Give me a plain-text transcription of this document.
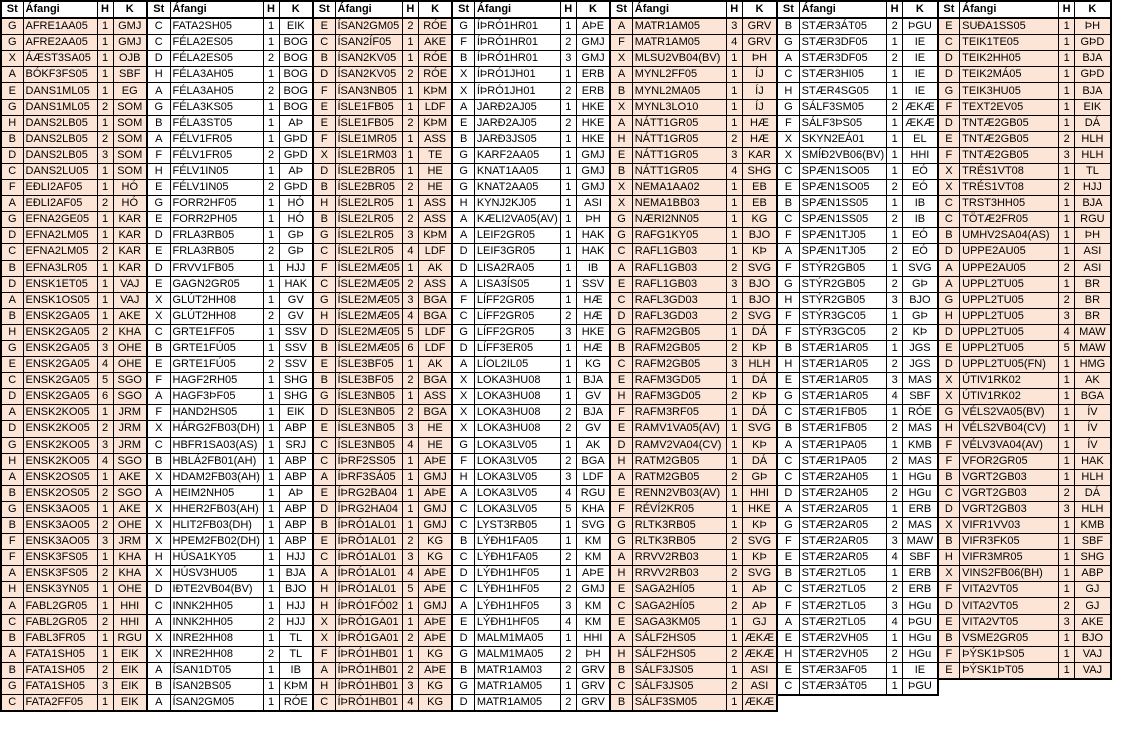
St	Áfangi	H	K
G	AFRE1AA05	1	GMJ
G	AFRE2AA05	1	GMJ
X	ÁÆST3SA05	1	OJB
A	BÓKF3FS05	1	SBF
E	DANS1ML05	1	EG
G	DANS1ML05	2	SOM
H	DANS2LB05	1	SOM
B	DANS2LB05	2	SOM
D	DANS2LB05	3	SOM
C	DANS2LU05	1	SOM
F	EÐLI2AF05	1	HÓ
A	EÐLI2AF05	2	HÓ
G	EFNA2GE05	1	KAR
D	EFNA2LM05	1	KAR
C	EFNA2LM05	2	KAR
B	EFNA3LR05	1	KAR
D	ENSK1ET05	1	VAJ
A	ENSK1OS05	1	VAJ
B	ENSK2GA05	1	AKE
H	ENSK2GA05	2	KHA
G	ENSK2GA05	3	OHE
E	ENSK2GA05	4	OHE
C	ENSK2GA05	5	SGO
D	ENSK2GA05	6	SGO
A	ENSK2KO05	1	JRM
D	ENSK2KO05	2	JRM
G	ENSK2KO05	3	JRM
H	ENSK2KO05	4	SGO
A	ENSK2OS05	1	AKE
B	ENSK2OS05	2	SGO
G	ENSK3AO05	1	AKE
B	ENSK3AO05	2	OHE
F	ENSK3AO05	3	JRM
F	ENSK3FS05	1	KHA
A	ENSK3FS05	2	KHA
H	ENSK3YN05	1	OHE
A	FABL2GR05	1	HHI
C	FABL2GR05	2	HHI
B	FABL3FR05	1	RGU
A	FATA1SH05	1	EIK
B	FATA1SH05	2	EIK
G	FATA1SH05	3	EIK
C	FATA2FF05	1	EIK
St	Áfangi	H	K
C	FATA2SH05	1	EIK
C	FÉLA2ES05	1	BOG
D	FÉLA2ES05	2	BOG
H	FÉLA3AH05	1	BOG
A	FÉLA3AH05	2	BOG
G	FÉLA3KS05	1	BOG
B	FÉLA3ST05	1	AÞ
A	FÉLV1FR05	1	GÞD
F	FÉLV1FR05	2	GÞD
H	FÉLV1IN05	1	AÞ
E	FÉLV1IN05	2	GÞD
G	FORR2HF05	1	HÓ
E	FORR2PH05	1	HÓ
D	FRLA3RB05	1	GÞ
E	FRLA3RB05	2	GÞ
D	FRVV1FB05	1	HJJ
E	GAGN2GR05	1	HAK
X	GLÚT2HH08	1	GV
X	GLÚT2HH08	2	GV
C	GRTE1FF05	1	SSV
B	GRTE1FÚ05	1	SSV
E	GRTE1FÚ05	2	SSV
F	HAGF2RH05	1	SHG
A	HAGF3ÞF05	1	SHG
F	HAND2HS05	1	EIK
X	HÁRG2FB03(DH)	1	ABP
C	HBFR1SA03(AS)	1	SRJ
B	HBLÁ2FB01(AH)	1	ABP
X	HDAM2FB03(AH)	1	ABP
A	HEIM2NH05	1	AÞ
X	HHER2FB03(AH)	1	ABP
X	HLIT2FB03(DH)	1	ABP
X	HPEM2FB02(DH)	1	ABP
H	HÚSA1KY05	1	HJJ
X	HÚSV3HU05	1	BJA
D	IÐTE2VB04(BV)	1	BJO
C	INNK2HH05	1	HJJ
A	INNK2HH05	2	HJJ
X	INRE2HH08	1	TL
X	INRE2HH08	2	TL
A	ÍSAN1DT05	1	IB
B	ÍSAN2BS05	1	KÞM
A	ÍSAN2GM05	1	RÓE
St	Áfangi	H	K
E	ÍSAN2GM05	2	RÓE
C	ÍSAN2ÍF05	1	AKE
B	ÍSAN2KV05	1	RÓE
D	ÍSAN2KV05	2	RÓE
F	ÍSAN3NB05	1	KÞM
E	ÍSLE1FB05	1	LDF
E	ÍSLE1FB05	2	KÞM
F	ÍSLE1MR05	1	ASS
X	ÍSLE1RM03	1	TE
D	ÍSLE2BR05	1	HE
B	ÍSLE2BR05	2	HE
H	ÍSLE2LR05	1	ASS
B	ÍSLE2LR05	2	ASS
G	ÍSLE2LR05	3	KÞM
C	ÍSLE2LR05	4	LDF
F	ÍSLE2MÆ05	1	AK
C	ÍSLE2MÆ05	2	ASS
G	ÍSLE2MÆ05	3	BGA
H	ÍSLE2MÆ05	4	BGA
D	ÍSLE2MÆ05	5	LDF
B	ÍSLE2MÆ05	6	LDF
E	ÍSLE3BF05	1	AK
B	ÍSLE3BF05	2	BGA
G	ÍSLE3NB05	1	ASS
D	ÍSLE3NB05	2	BGA
E	ÍSLE3NB05	3	HE
C	ÍSLE3NB05	4	HE
C	ÍÞRF2SS05	1	AÞE
A	ÍÞRF3SÁ05	1	GMJ
E	ÍÞRG2BA04	1	AÞE
D	ÍÞRG2HA04	1	GMJ
B	ÍÞRÓ1AL01	1	GMJ
E	ÍÞRÓ1AL01	2	KG
C	ÍÞRÓ1AL01	3	KG
A	ÍÞRÓ1AL01	4	AÞE
H	ÍÞRÓ1AL01	5	AÞE
H	ÍÞRÓ1FÓ02	1	GMJ
X	ÍÞRÓ1GA01	1	AÞE
X	ÍÞRÓ1GA01	2	AÞE
F	ÍÞRÓ1HB01	1	KG
A	ÍÞRÓ1HB01	2	AÞE
H	ÍÞRÓ1HB01	3	KG
C	ÍÞRÓ1HB01	4	KG
St	Áfangi	H	K
G	ÍÞRÓ1HR01	1	AÞE
F	ÍÞRÓ1HR01	2	GMJ
B	ÍÞRÓ1HR01	3	GMJ
X	ÍÞRÓ1JH01	1	ERB
X	ÍÞRÓ1JH01	2	ERB
A	JARÐ2AJ05	1	HKE
E	JARÐ2AJ05	2	HKE
B	JARÐ3JS05	1	HKE
G	KARF2AA05	1	GMJ
G	KNAT1AA05	1	GMJ
G	KNAT2AA05	1	GMJ
H	KYNJ2KJ05	1	ASI
A	KÆLI2VA05(AV)	1	ÞH
A	LEIF2GR05	1	HAK
D	LEIF3GR05	1	HAK
D	LISA2RA05	1	IB
A	LISA3ÍS05	1	SSV
F	LÍFF2GR05	1	HÆ
C	LÍFF2GR05	2	HÆ
G	LÍFF2GR05	3	HKE
D	LÍFF3ER05	1	HÆ
A	LÍOL2IL05	1	KG
X	LOKA3HU08	1	BJA
X	LOKA3HU08	1	GV
X	LOKA3HU08	2	BJA
X	LOKA3HU08	2	GV
G	LOKA3LV05	1	AK
F	LOKA3LV05	2	BGA
H	LOKA3LV05	3	LDF
A	LOKA3LV05	4	RGU
C	LOKA3LV05	5	KHA
C	LYST3RB05	1	SVG
B	LÝÐH1FA05	1	KM
C	LÝÐH1FA05	2	KM
D	LÝÐH1HF05	1	AÞE
C	LÝÐH1HF05	2	GMJ
A	LÝÐH1HF05	3	KM
E	LÝÐH1HF05	4	KM
D	MALM1MA05	1	HHI
G	MALM1MA05	2	ÞH
B	MATR1AM03	2	GRV
G	MATR1AM05	1	GRV
D	MATR1AM05	2	GRV
St	Áfangi	H	K
A	MATR1AM05	3	GRV
F	MATR1AM05	4	GRV
X	MLSU2VB04(BV)	1	ÞH
A	MYNL2FF05	1	ÍJ
B	MYNL2MA05	1	ÍJ
X	MYNL3LO10	1	ÍJ
A	NÁTT1GR05	1	HÆ
H	NÁTT1GR05	2	HÆ
E	NÁTT1GR05	3	KAR
B	NÁTT1GR05	4	SHG
X	NEMA1AA02	1	EB
X	NEMA1BB03	1	EB
G	NÆRI2NN05	1	KG
G	RAFG1KY05	1	BJO
C	RAFL1GB03	1	KÞ
A	RAFL1GB03	2	SVG
E	RAFL1GB03	3	BJO
C	RAFL3GD03	1	BJO
D	RAFL3GD03	2	SVG
G	RAFM2GB05	1	DÁ
B	RAFM2GB05	2	KÞ
C	RAFM2GB05	3	HLH
E	RAFM3GD05	1	DÁ
H	RAFM3GD05	2	KÞ
F	RAFM3RF05	1	DÁ
E	RAMV1VA05(AV)	1	SVG
D	RAMV2VA04(CV)	1	KÞ
H	RATM2GB05	1	DÁ
A	RATM2GB05	2	GÞ
E	RENN2VB03(AV)	1	HHI
F	RÉVÍ2KR05	1	HKE
G	RLTK3RB05	1	KÞ
G	RLTK3RB05	2	SVG
A	RRVV2RB03	1	KÞ
H	RRVV2RB03	2	SVG
E	SAGA2HÍ05	1	AÞ
C	SAGA2HÍ05	2	AÞ
E	SAGA3KM05	1	GJ
A	SÁLF2HS05	1	ÆKÆ
H	SÁLF2HS05	2	ÆKÆ
B	SÁLF3JS05	1	ASI
C	SÁLF3JS05	2	ASI
B	SÁLF3SM05	1	ÆKÆ
St	Áfangi	H	K
B	STÆR3ÁT05	2	ÞGU
G	STÆR3DF05	1	IE
A	STÆR3DF05	2	IE
C	STÆR3HI05	1	IE
H	STÆR4SG05	1	IE
G	SÁLF3SM05	2	ÆKÆ
F	SÁLF3ÞS05	1	ÆKÆ
X	SKYN2EÁ01	1	EL
X	SMÍÐ2VB06(BV)	1	HHI
C	SPÆN1SO05	1	EÓ
E	SPÆN1SO05	2	EÓ
B	SPÆN1SS05	1	IB
C	SPÆN1SS05	2	IB
F	SPÆN1TJ05	1	EÓ
A	SPÆN1TJ05	2	EÓ
F	STÝR2GB05	1	SVG
G	STÝR2GB05	2	GÞ
H	STÝR2GB05	3	BJO
F	STÝR3GC05	1	GÞ
F	STÝR3GC05	2	KÞ
B	STÆR1AR05	1	JGS
H	STÆR1AR05	2	JGS
E	STÆR1AR05	3	MAS
G	STÆR1AR05	4	SBF
C	STÆR1FB05	1	RÓE
B	STÆR1FB05	2	MAS
A	STÆR1PA05	1	KMB
C	STÆR1PA05	2	MAS
C	STÆR2AH05	1	HGu
D	STÆR2AH05	2	HGu
A	STÆR2AR05	1	ERB
G	STÆR2AR05	2	MAS
F	STÆR2AR05	3	MAW
E	STÆR2AR05	4	SBF
B	STÆR2TL05	1	ERB
C	STÆR2TL05	2	ERB
F	STÆR2TL05	3	HGu
A	STÆR2TL05	4	ÞGU
E	STÆR2VH05	1	HGu
H	STÆR2VH05	2	HGu
E	STÆR3AF05	1	IE
C	STÆR3ÁT05	1	ÞGU
St	Áfangi	H	K
E	SUÐA1SS05	1	ÞH
C	TEIK1TE05	1	GÞD
D	TEIK2HH05	1	BJA
D	TEIK2MÁ05	1	GÞD
G	TEIK3HU05	1	BJA
F	TEXT2EV05	1	EIK
D	TNTÆ2GB05	1	DÁ
E	TNTÆ2GB05	2	HLH
F	TNTÆ2GB05	3	HLH
X	TRÉS1VT08	1	TL
X	TRÉS1VT08	2	HJJ
C	TRST3HH05	1	BJA
C	TÖTÆ2FR05	1	RGU
B	UMHV2SA04(AS)	1	ÞH
D	UPPE2AU05	1	ASI
A	UPPE2AU05	2	ASI
A	UPPL2TU05	1	BR
G	UPPL2TU05	2	BR
H	UPPL2TU05	3	BR
D	UPPL2TU05	4	MAW
E	UPPL2TU05	5	MAW
D	UPPL2TU05(FN)	1	HMG
X	ÚTIV1RK02	1	AK
X	ÚTIV1RK02	1	BGA
G	VÉLS2VA05(BV)	1	ÍV
H	VÉLS2VB04(CV)	1	ÍV
F	VÉLV3VA04(AV)	1	ÍV
F	VFOR2GR05	1	HAK
B	VGRT2GB03	1	HLH
C	VGRT2GB03	2	DÁ
D	VGRT2GB03	3	HLH
X	VIFR1VV03	1	KMB
B	VIFR3FK05	1	SBF
H	VIFR3MR05	1	SHG
X	VINS2FB06(BH)	1	ABP
F	VITA2VT05	1	GJ
D	VITA2VT05	2	GJ
E	VITA2VT05	3	AKE
B	VSME2GR05	1	BJO
F	ÞÝSK1ÞS05	1	VAJ
E	ÞÝSK1ÞT05	1	VAJ
